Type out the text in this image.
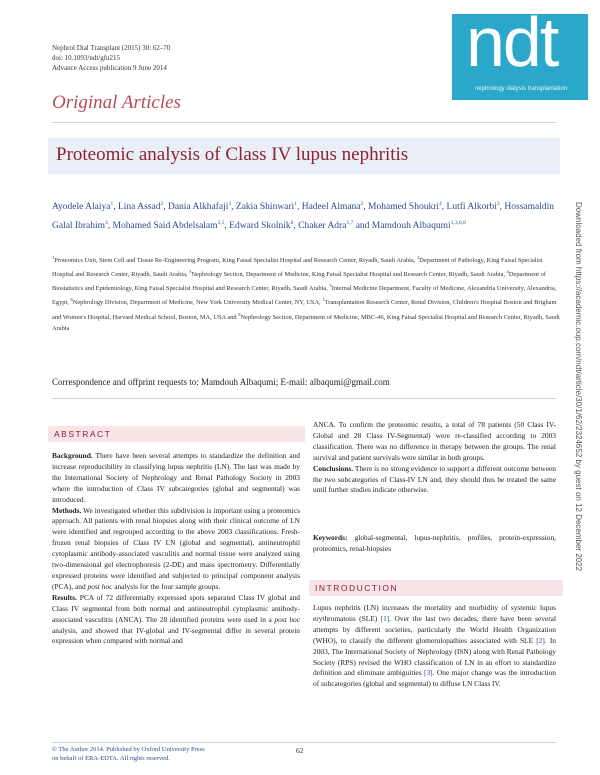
Nephrol Dial Transplant (2015) 30: 62–70
doi: 10.1093/ndt/gfu215
Advance Access publication 9 June 2014	ndt
nephrology dialysis transplantation
Original Articles
Proteomic analysis of Class IV lupus nephritis
Ayodele Alaiya$^1$, Lina Assad$^2$, Dania Alkhafaji$^3$, Zakia Shinwari$^1$, Hadeel Almana$^2$, Mohamed Shoukri$^4$, Lutfi Alkorbi$^3$, Hossamaldin Galal Ibrahim$^3$, Mohamed Said Abdelsalam$^{3,5}$, Edward Skolnik$^6$, Chaker Adra$^{1,7}$ and Mamdouh Albaqumi$^{1,3,6,8}$
$^1$Proteomics Unit, Stem Cell and Tissue Re-Engineering Program, King Faisal Specialist Hospital and Research Center, Riyadh, Saudi Arabia, $^2$Department of Pathology, King Faisal Specialist Hospital and Research Center, Riyadh, Saudi Arabia, $^3$Nephrology Section, Department of Medicine, King Faisal Specialist Hospital and Research Center, Riyadh, Saudi Arabia, $^4$Department of Biostatistics and Epidemiology, King Faisal Specialist Hospital and Research Center, Riyadh, Saudi Arabia, $^5$Internal Medicine Department, Faculty of Medicine, Alexandria University, Alexandria, Egypt, $^6$Nephrology Division, Department of Medicine, New York University Medical Center, NY, USA, $^7$Transplantation Research Center, Renal Division, Children's Hospital Boston and Brigham and Women's Hospital, Harvard Medical School, Boston, MA, USA and $^8$Nephrology Section, Department of Medicine, MBC-46, King Faisal Specialist Hospital and Research Center, Riyadh, Saudi Arabia
Correspondence and offprint requests to: Mamdouh Albaqumi; E-mail: albaqumi@gmail.com
ABSTRACT
Background. There have been several attempts to standardize the definition and increase reproducibility in classifying lupus nephritis (LN). The last was made by the International Society of Nephrology and Renal Pathology Society in 2003 where the introduction of Class IV subcategories (global and segmental) was introduced.
Methods. We investigated whether this subdivision is important using a proteomics approach. All patients with renal biopsies along with their clinical outcome of LN were identified and regrouped according to the above 2003 classifications. Fresh-frozen renal biopsies of Class IV LN (global and segmental), antineutrophil cytoplasmic antibody-associated vasculitis and normal tissue were analyzed using two-dimensional gel electrophoresis (2-DE) and mass spectrometry. Differentially expressed proteins were identified and subjected to principal component analysis (PCA), and post hoc analysis for the four sample groups.
Results. PCA of 72 differentially expressed spots separated Class IV global and Class IV segmental from both normal and antineutrophil cytoplasmic antibody-associated vasculitis (ANCA). The 28 identified proteins were used in a post hoc analysis, and showed that IV-global and IV-segmental differ in several protein expression when compared with normal and
ANCA. To confirm the proteomic results, a total of 78 patients (50 Class IV-Global and 28 Class IV-Segmental) were re-classified according to 2003 classification. There was no difference in therapy between the groups. The renal survival and patient survivals were similar in both groups.
Conclusions. There is no strong evidence to support a different outcome between the two subcategories of Class-IV LN and, they should thus be treated the same until further studies indicate otherwise.
Keywords: global-segmental, lupus-nephritis, profiles, protein-expression, proteomics, renal-biopsies
INTRODUCTION
Lupus nephritis (LN) increases the mortality and morbidity of systemic lupus erythromatous (SLE) [1]. Over the last two decades, there have been several attempts by different societies, particularly the World Health Organization (WHO), to classify the different glomerulopathies associated with SLE [2]. In 2003, The International Society of Nephrology (ISN) along with Renal Pathology Society (RPS) revised the WHO classification of LN in an effort to standardize definition and eliminate ambiguities [3]. One major change was the introduction of subcategories (global and segmental) to diffuse LN Class IV.
© The Author 2014. Published by Oxford University Press
on behalf of ERA-EDTA. All rights reserved.
62
Downloaded from https://academic.oup.com/ndt/article/30/1/62/2324652 by guest on 12 December 2022
